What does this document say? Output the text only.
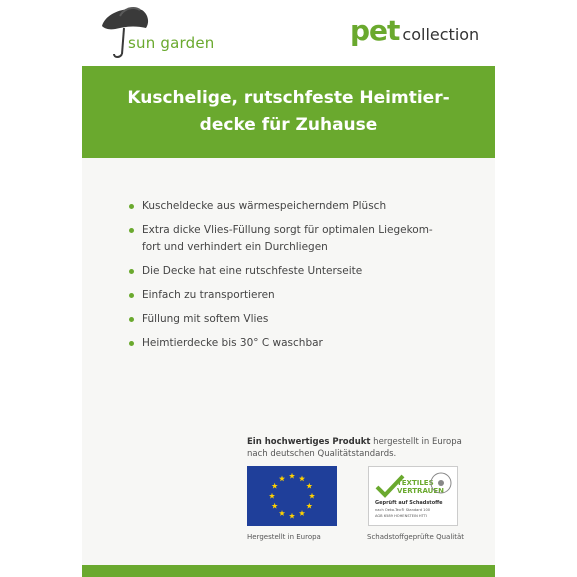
sun garden	pet collection
Kuschelige, rutschfeste Heimtier-
decke für Zuhause
Kuscheldecke aus wärmespeicherndem Plüsch
Extra dicke Vlies-Füllung sorgt für optimalen Liegekom-
fort und verhindert ein Durchliegen
Die Decke hat eine rutschfeste Unterseite
Einfach zu transportieren
Füllung mit softem Vlies
Heimtierdecke bis 30° C waschbar
Ein hochwertiges Produkt hergestellt in Europa nach deutschen Qualitätstandards.
Hergestellt in Europa
TEXTILES
VERTRAUEN
Geprüft auf Schadstoffe
nach Oeko-Tex® Standard 100
AGB 6589 HOHENSTEIN HTTI
Schadstoffgeprüfte Qualität
